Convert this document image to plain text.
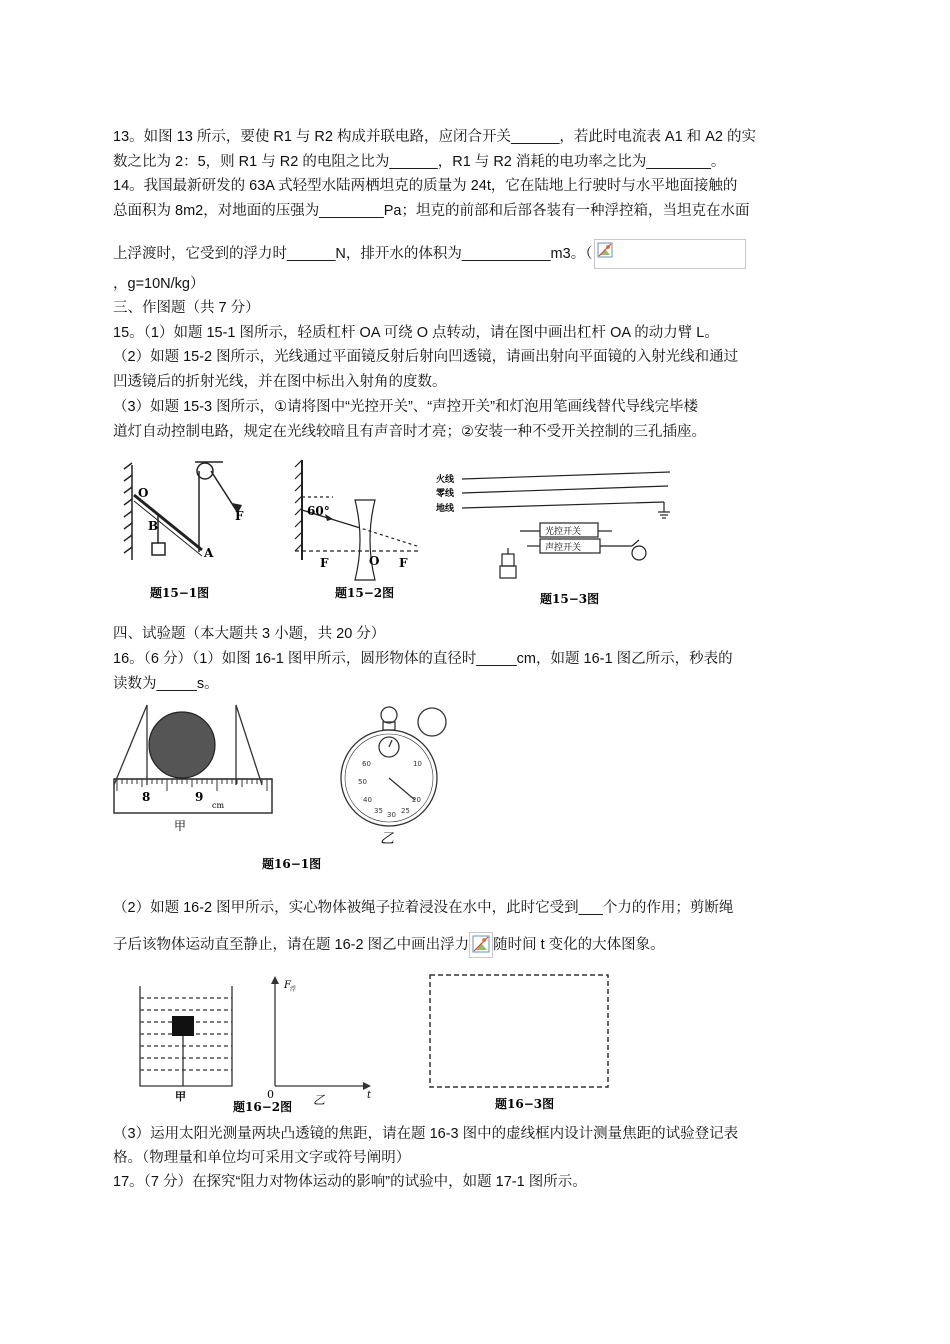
13。如图 13 所示，要使 R1 与 R2 构成并联电路，应闭合开关______，若此时电流表 A1 和 A2 的实
数之比为 2：5，则 R1 与 R2 的电阻之比为______，R1 与 R2 消耗的电功率之比为________。
14。我国最新研发的 63A 式轻型水陆两栖坦克的质量为 24t，它在陆地上行驶时与水平地面接触的
总面积为 8m2，对地面的压强为________Pa；坦克的前部和后部各装有一种浮控箱，当坦克在水面
上浮渡时，它受到的浮力时______N，排开水的体积为___________m3。（
，g=10N/kg）
三、作图题（共 7 分）
15。（1）如题 15-1 图所示，轻质杠杆 OA 可绕 O 点转动，请在图中画出杠杆 OA 的动力臂 L。
（2）如题 15-2 图所示，光线通过平面镜反射后射向凹透镜，请画出射向平面镜的入射光线和通过
凹透镜后的折射光线，并在图中标出入射角的度数。
（3）如题 15-3 图所示，①请将图中“光控开关”、“声控开关”和灯泡用笔画线替代导线完毕楼
道灯自动控制电路，规定在光线较暗且有声音时才亮；②安装一种不受开关控制的三孔插座。
O
B
A
F
题15−1图
60°
F	O F
题15−2图
火线
零线
地线
光控开关
声控开关
题15−3图
四、试验题（本大题共 3 小题，共 20 分）
16。（6 分）（1）如图 16-1 图甲所示，圆形物体的直径时_____cm，如题 16-1 图乙所示，秒表的
读数为_____s。
8	9
cm
甲
60
50
40
35 30 25
20
10
乙
题16−1图
（2）如题 16-2 图甲所示，实心物体被绳子拉着浸没在水中，此时它受到___个力的作用；剪断绳
子后该物体运动直至静止，请在题 16-2 图乙中画出浮力 随时间 t 变化的大体图象。
甲
F 浮
0	乙	t
题16−2图	题16−3图
（3）运用太阳光测量两块凸透镜的焦距，请在题 16-3 图中的虚线框内设计测量焦距的试验登记表
格。（物理量和单位均可采用文字或符号阐明）
17。（7 分）在探究“阻力对物体运动的影响”的试验中，如题 17-1 图所示。
